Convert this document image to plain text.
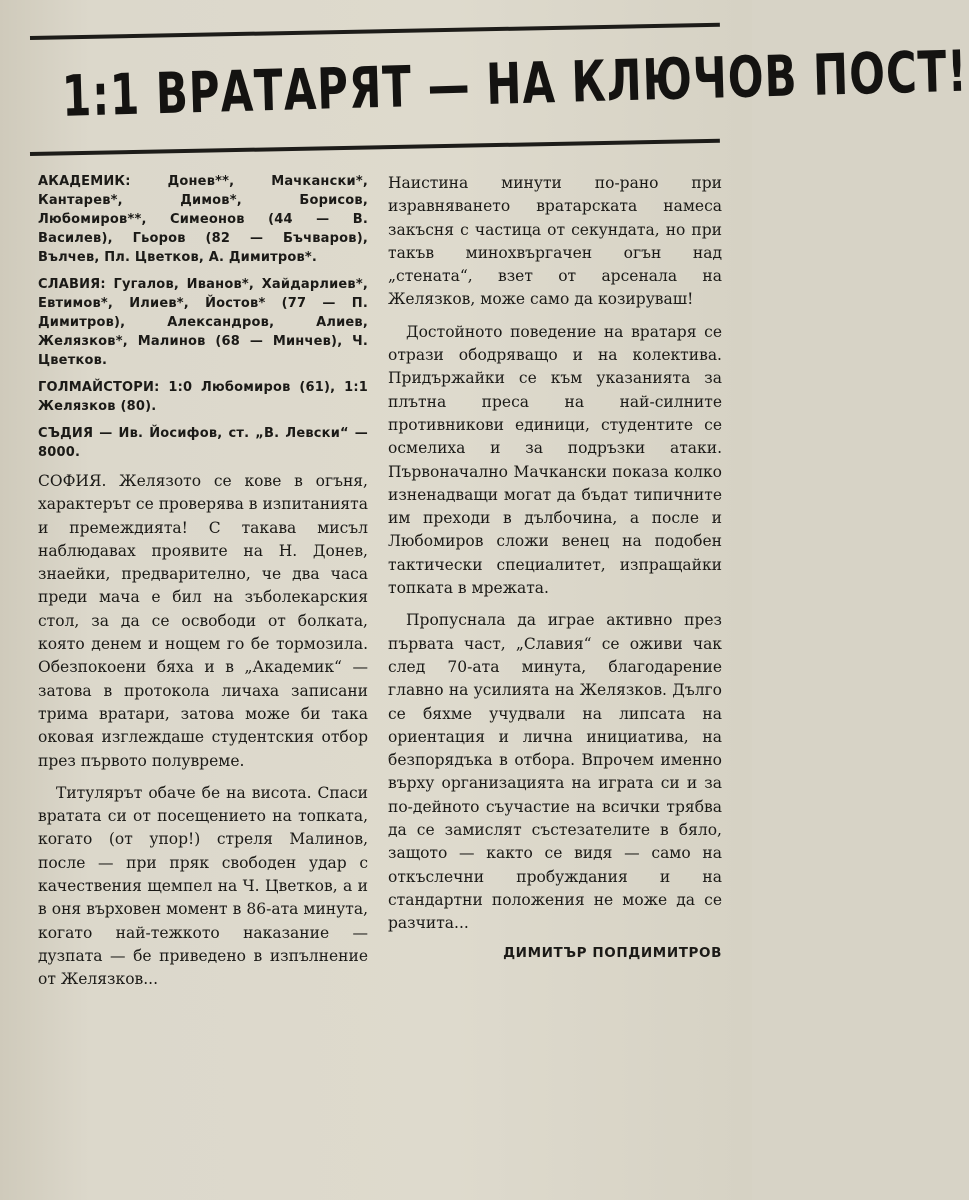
1:1 ВРАТАРЯТ — НА КЛЮЧОВ ПОСТ!

АКАДЕМИК:	Донев**, Мачкански*, Кантарев*, Димов*, Борисов, Любомиров**, Симеонов (44 — В. Василев), Гьоров (82 — Бъчваров), Вълчев, Пл. Цветков, А. Димитров*.

СЛАВИЯ: Гугалов, Иванов*, Хайдарлиев*, Евтимов*, Илиев*, Йостов* (77 — П. Димитров), Александров, Алиев, Желязков*, Малинов (68 — Минчев), Ч. Цветков.

ГОЛМАЙСТОРИ: 1:0 Любомиров (61), 1:1 Желязков (80).

СЪДИЯ — Ив. Йосифов, ст. „В. Левски“ — 8000.

СОФИЯ. Желязото се кове в огъня, характерът се проверява в изпитанията и премеждията! С такава мисъл наблюдавах проявите на Н. Донев, знаейки, предварително, че два часа преди мача е бил на зъболекарския стол, за да се освободи от болката, която денем и нощем го бе тормозила. Обезпокоени бяха и в „Академик“ — затова в протокола личаха записани трима вратари, затова може би така оковая изглеждаше студентския отбор през първото полувреме.

Титулярът обаче бе на висота. Спаси вратата си от посещението на топката, когато (от упор!) стреля Малинов, после — при пряк свободен удар с качествения щемпел на Ч. Цветков, а и в оня върховен момент в 86-ата минута, когато най-тежкото наказание — дузпата — бе приведено в изпълнение от Желязков...

Наистина минути по-рано при изравняването вратарската намеса закъсня с частица от секундата, но при такъв минохвъргачен огън над „стената“, взет от арсенала на Желязков, може само да козируваш!

Достойното поведение на вратаря се отрази ободряващо и на колектива. Придържайки се към указанията за плътна преса на най-силните противникови единици, студентите се осмелиха и за подръзки атаки. Първоначално Мачкански показа колко изненадващи могат да бъдат типичните им преходи в дълбочина, а после и Любомиров сложи венец на подобен тактически специалитет, изпращайки топката в мрежата.

Пропуснала да играе активно през първата част, „Славия“ се оживи чак след 70-ата минута, благодарение главно на усилията на Желязков. Дълго се бяхме учудвали на липсата на ориентация и лична инициатива, на безпорядъка в отбора. Впрочем именно върху организацията на играта си и за по-дейното съучастие на всички трябва да се замислят състезателите в бяло, защото — както се видя — само на откъслечни пробуждания и на стандартни положения не може да се разчита...

ДИМИТЪР ПОПДИМИТРОВ
